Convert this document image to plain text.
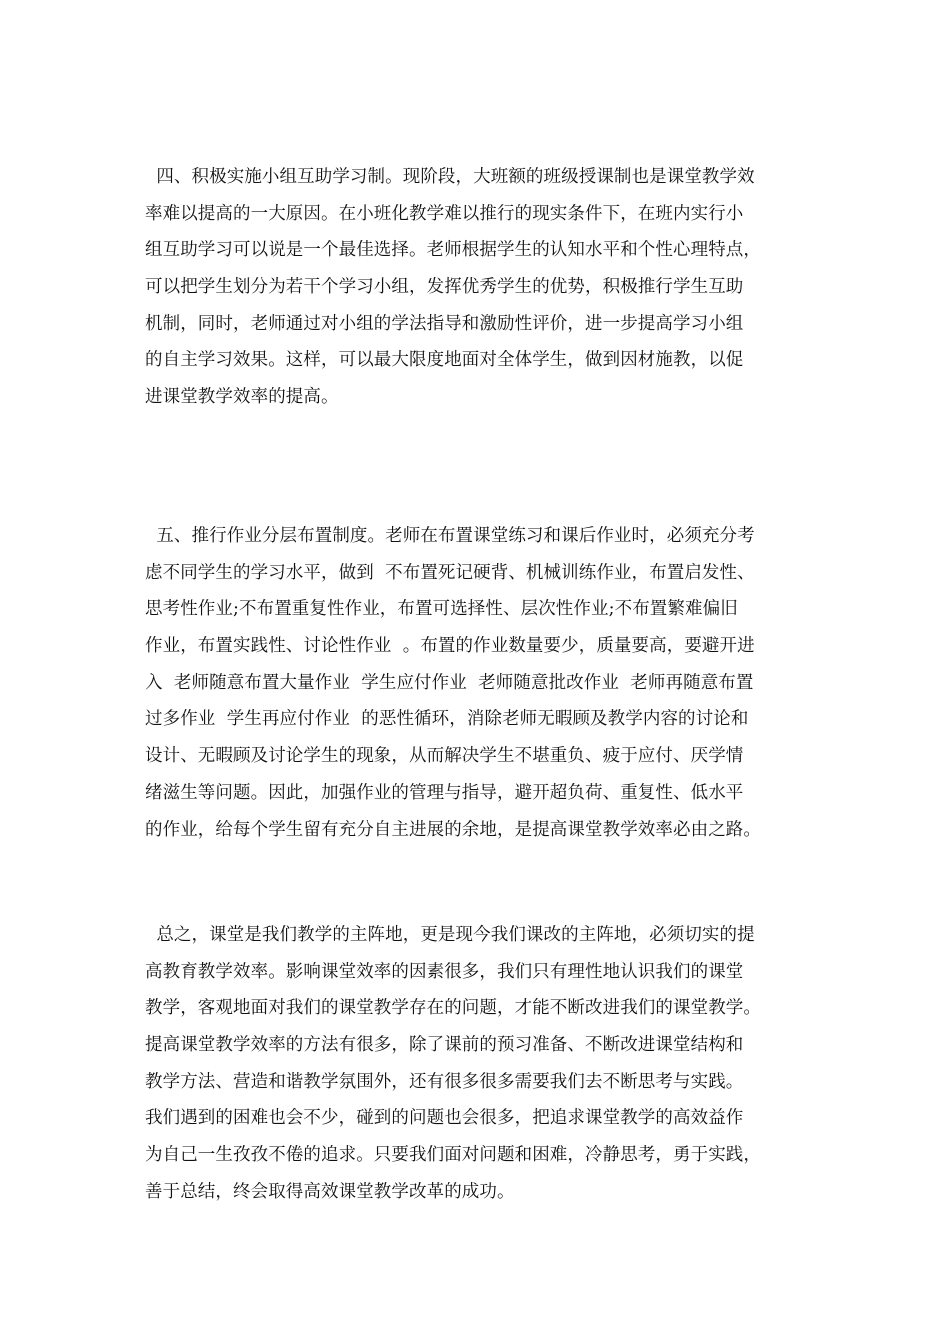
四、积极实施小组互助学习制。现阶段，大班额的班级授课制也是课堂教学效
率难以提高的一大原因。在小班化教学难以推行的现实条件下，在班内实行小
组互助学习可以说是一个最佳选择。老师根据学生的认知水平和个性心理特点，
可以把学生划分为若干个学习小组，发挥优秀学生的优势，积极推行学生互助
机制，同时，老师通过对小组的学法指导和激励性评价，进一步提高学习小组
的自主学习效果。这样，可以最大限度地面对全体学生，做到因材施教，以促
进课堂教学效率的提高。
五、推行作业分层布置制度。老师在布置课堂练习和课后作业时，必须充分考
虑不同学生的学习水平，做到  不布置死记硬背、机械训练作业，布置启发性、
思考性作业;不布置重复性作业，布置可选择性、层次性作业;不布置繁难偏旧
作业，布置实践性、讨论性作业  。布置的作业数量要少，质量要高，要避开进
入  老师随意布置大量作业  学生应付作业  老师随意批改作业  老师再随意布置
过多作业  学生再应付作业  的恶性循环，消除老师无暇顾及教学内容的讨论和
设计、无暇顾及讨论学生的现象，从而解决学生不堪重负、疲于应付、厌学情
绪滋生等问题。因此，加强作业的管理与指导，避开超负荷、重复性、低水平
的作业，给每个学生留有充分自主进展的余地，是提高课堂教学效率必由之路。
总之，课堂是我们教学的主阵地，更是现今我们课改的主阵地，必须切实的提
高教育教学效率。影响课堂效率的因素很多，我们只有理性地认识我们的课堂
教学，客观地面对我们的课堂教学存在的问题，才能不断改进我们的课堂教学。
提高课堂教学效率的方法有很多，除了课前的预习准备、不断改进课堂结构和
教学方法、营造和谐教学氛围外，还有很多很多需要我们去不断思考与实践。
我们遇到的困难也会不少，碰到的问题也会很多，把追求课堂教学的高效益作
为自己一生孜孜不倦的追求。只要我们面对问题和困难，冷静思考，勇于实践，
善于总结，终会取得高效课堂教学改革的成功。
